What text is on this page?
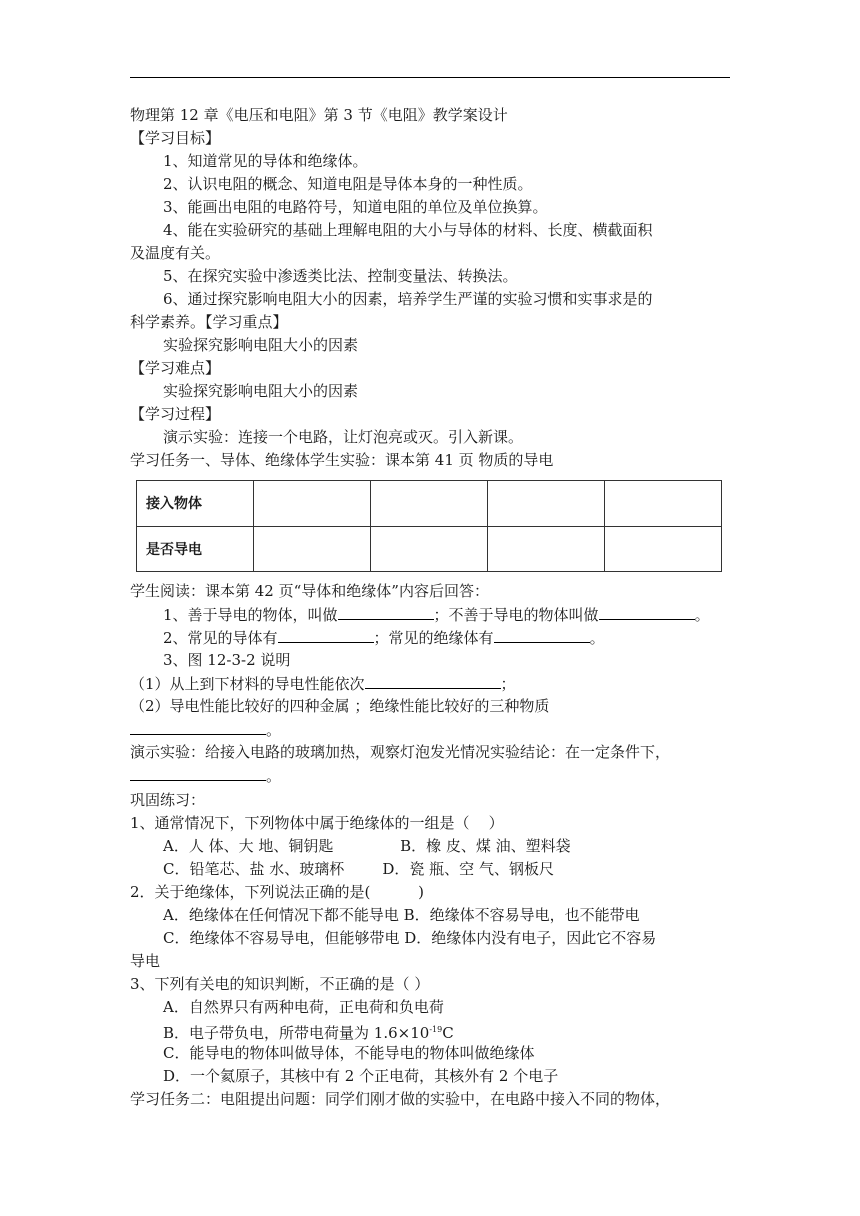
物理第 12 章《电压和电阻》第 3 节《电阻》教学案设计
【学习目标】
1、知道常见的导体和绝缘体。
2、认识电阻的概念、知道电阻是导体本身的一种性质。
3、能画出电阻的电路符号，知道电阻的单位及单位换算。
4、能在实验研究的基础上理解电阻的大小与导体的材料、长度、横截面积
及温度有关。
5、在探究实验中渗透类比法、控制变量法、转换法。
6、通过探究影响电阻大小的因素，培养学生严谨的实验习惯和实事求是的
科学素养。【学习重点】
实验探究影响电阻大小的因素
【学习难点】
实验探究影响电阻大小的因素
【学习过程】
演示实验：连接一个电路，让灯泡亮或灭。引入新课。
学习任务一、导体、绝缘体学生实验：课本第 41 页 物质的导电
接入物体				
是否导电				
学生阅读：课本第 42 页“导体和绝缘体”内容后回答：
1、善于导电的物体，叫做	；不善于导电的物体叫做	。
2、常见的导体有	；常见的绝缘体有	。
3、图 12-3-2 说明
（1）从上到下材料的导电性能依次	；
（2）导电性能比较好的四种金属 ；绝缘性能比较好的三种物质
。
演示实验：给接入电路的玻璃加热，观察灯泡发光情况实验结论：在一定条件下，
。
巩固练习：
1、通常情况下，下列物体中属于绝缘体的一组是（    ）
A．人 体、大 地、铜钥匙              B．橡 皮、煤 油、塑料袋
C．铅笔芯、盐 水、玻璃杯        D．瓷 瓶、空 气、钢板尺
2．关于绝缘体，下列说法正确的是(          )
A．绝缘体在任何情况下都不能导电 B．绝缘体不容易导电，也不能带电
C．绝缘体不容易导电，但能够带电 D．绝缘体内没有电子，因此它不容易
导电
3、下列有关电的知识判断，不正确的是（ ）
A．自然界只有两种电荷，正电荷和负电荷
B．电子带负电，所带电荷量为 $1.6\times 10^{-19}C$
C．能导电的物体叫做导体，不能导电的物体叫做绝缘体
D．一个氦原子，其核中有 2 个正电荷，其核外有 2 个电子
学习任务二：电阻提出问题：同学们刚才做的实验中，在电路中接入不同的物体，
